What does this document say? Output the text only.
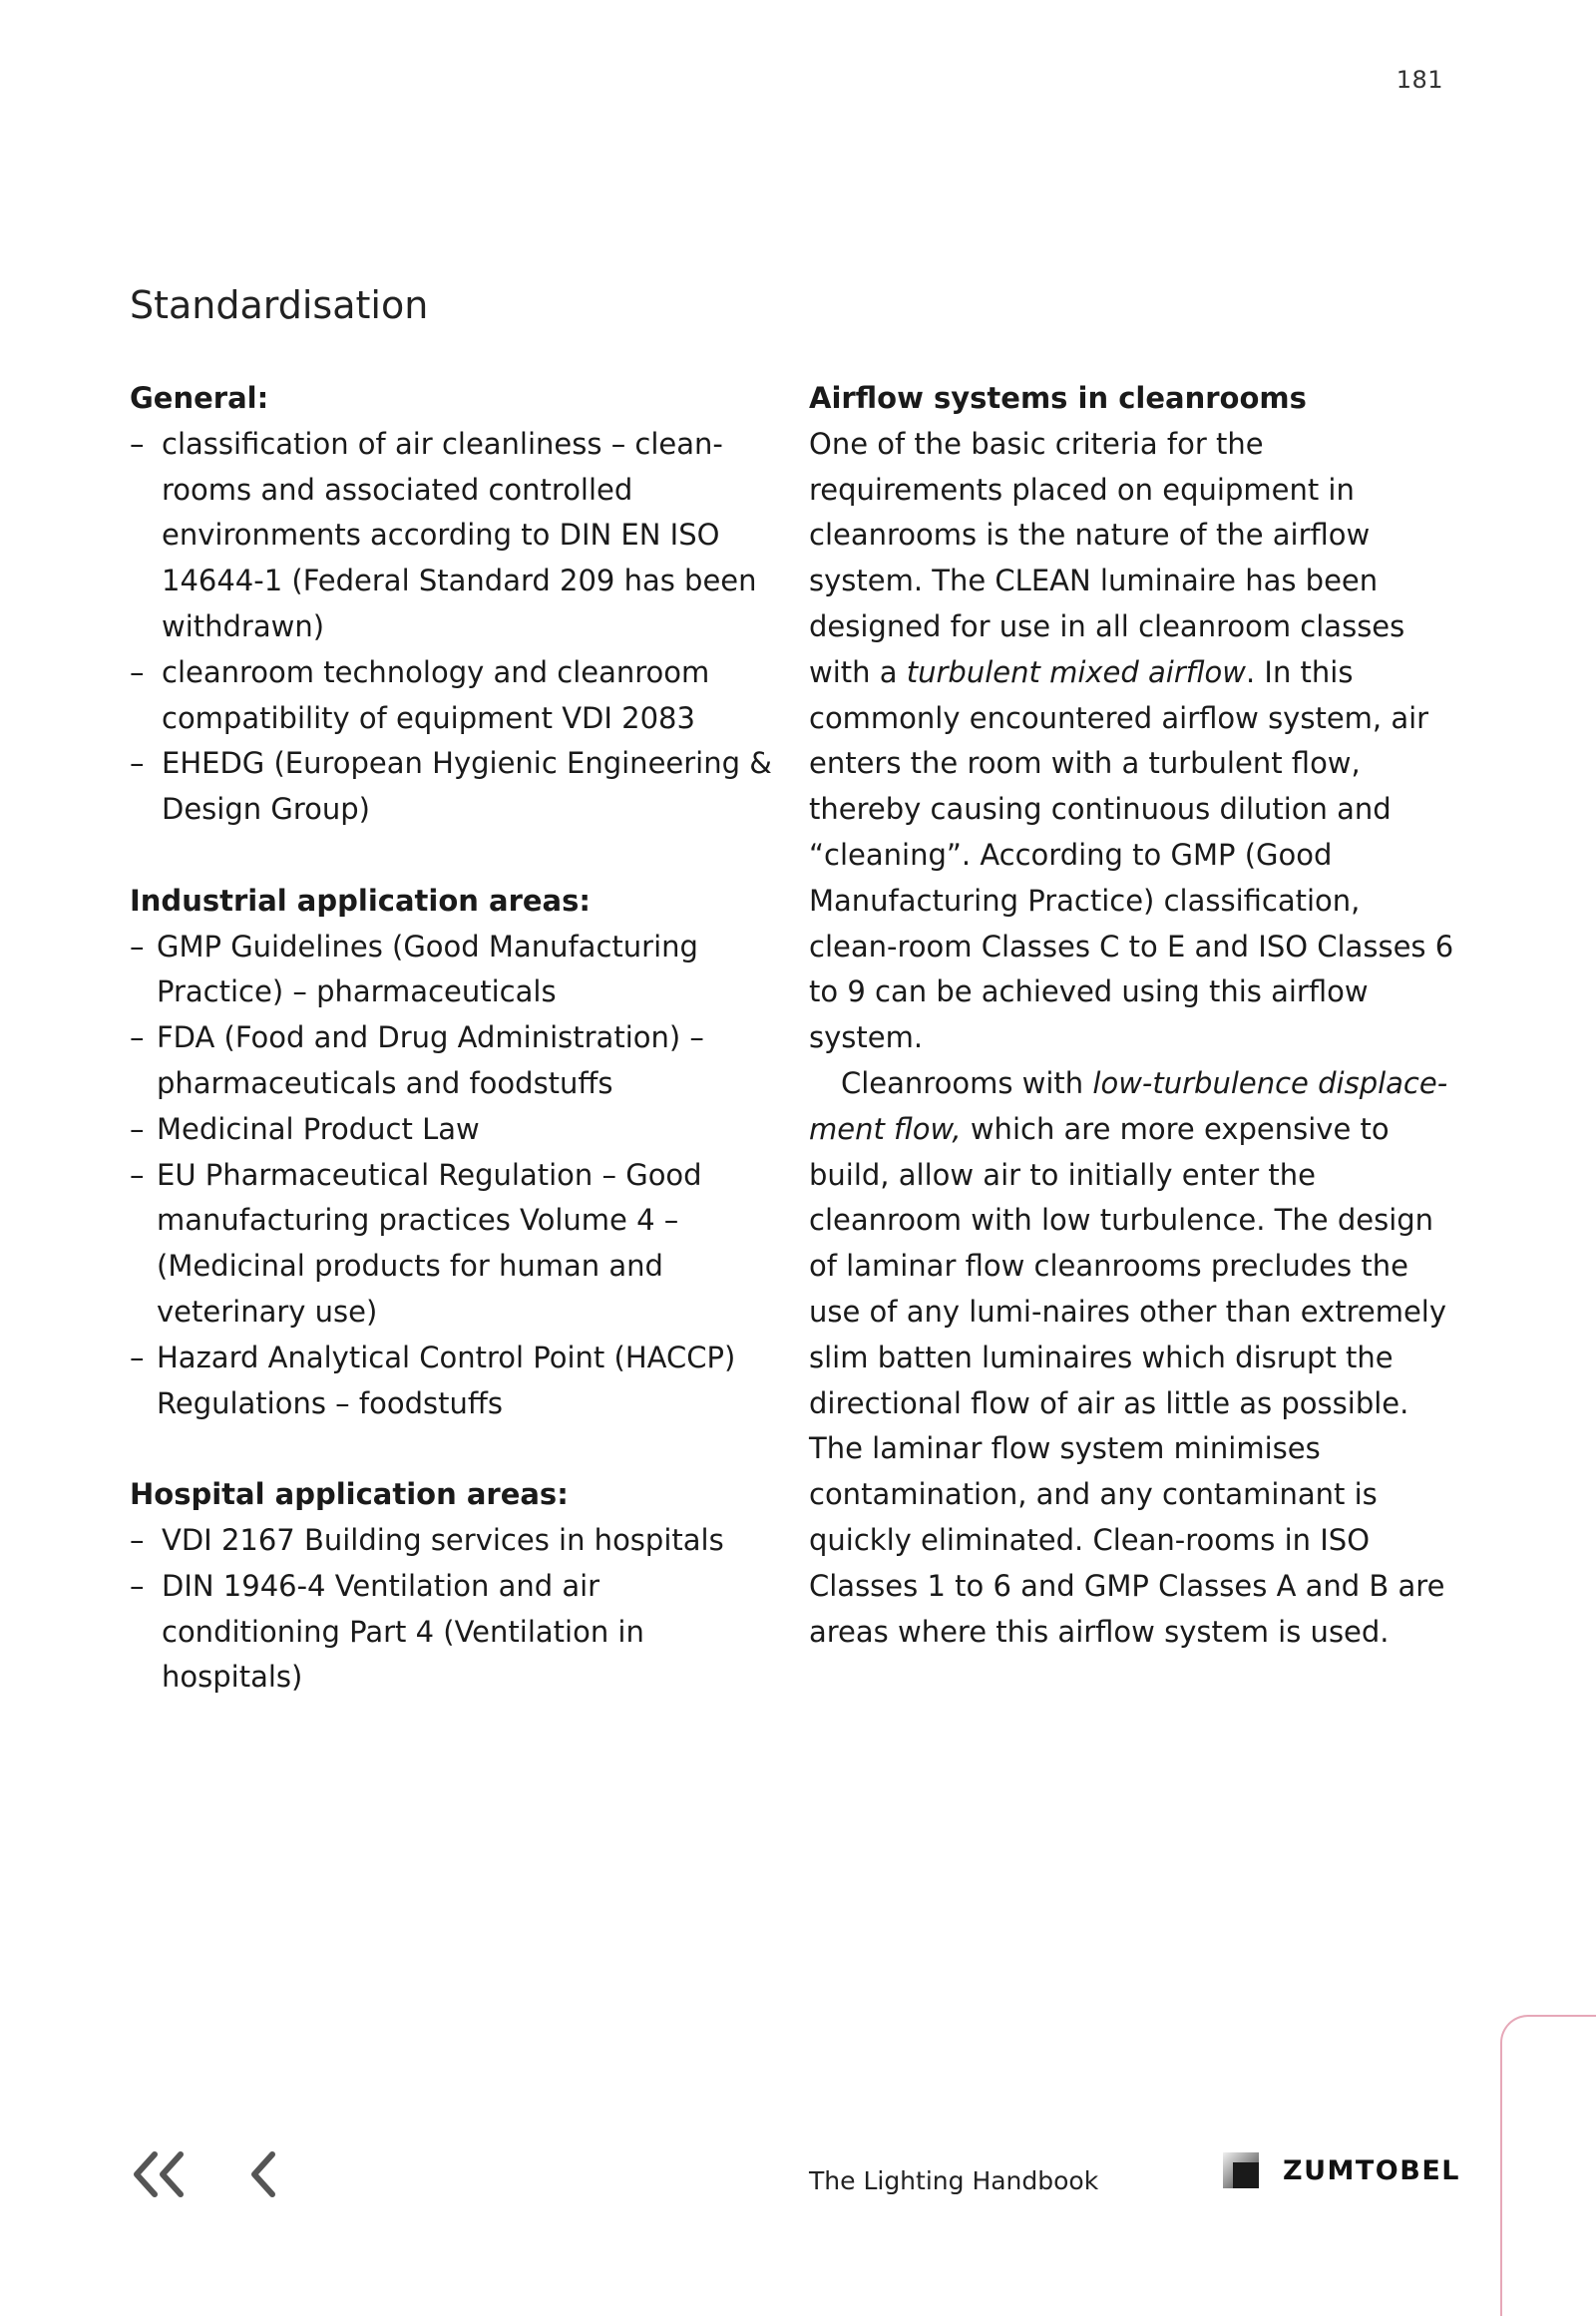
181
Standardisation

General:

– classification of air cleanliness – clean-rooms and associated controlled environments according to DIN EN ISO 14644-1 (Federal Standard 209 has been withdrawn)
– cleanroom technology and cleanroom compatibility of equipment VDI 2083
– EHEDG (European Hygienic Engineering & Design Group)

Industrial application areas:

– GMP Guidelines (Good Manufacturing Practice) – pharmaceuticals
– FDA (Food and Drug Administration) – pharmaceuticals and foodstuffs
– Medicinal Product Law
– EU Pharmaceutical Regulation – Good manufacturing practices Volume 4 – (Medicinal products for human and veterinary use)
– Hazard Analytical Control Point (HACCP) Regulations – foodstuffs

Hospital application areas:

– VDI 2167 Building services in hospitals
– DIN 1946-4 Ventilation and air conditioning Part 4 (Ventilation in hospitals)

Airflow systems in cleanrooms

One of the basic criteria for the requirements placed on equipment in cleanrooms is the nature of the airflow system. The CLEAN luminaire has been designed for use in all cleanroom classes with a turbulent mixed airflow. In this commonly encountered airflow system, air enters the room with a turbulent flow, thereby causing continuous dilution and “cleaning”. According to GMP (Good Manufacturing Practice) classification, clean-room Classes C to E and ISO Classes 6 to 9 can be achieved using this airflow system.

Cleanrooms with low-turbulence displace-ment flow, which are more expensive to build, allow air to initially enter the cleanroom with low turbulence. The design of laminar flow cleanrooms precludes the use of any lumi-naires other than extremely slim batten luminaires which disrupt the directional flow of air as little as possible. The laminar flow system minimises contamination, and any contaminant is quickly eliminated. Clean-rooms in ISO Classes 1 to 6 and GMP Classes A and B are areas where this airflow system is used.

The Lighting Handbook	ZUMTOBEL
